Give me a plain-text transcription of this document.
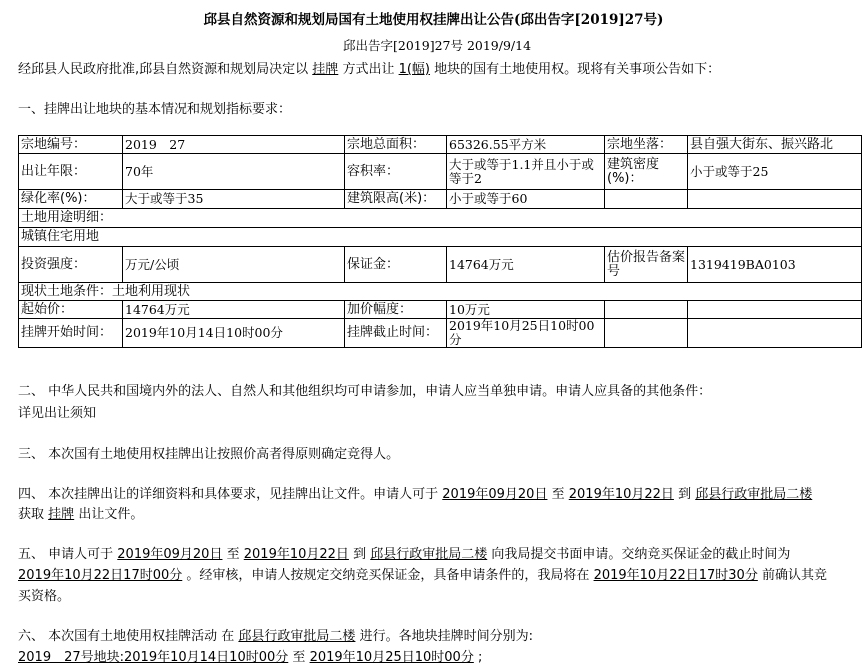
邱县自然资源和规划局国有土地使用权挂牌出让公告(邱出告字[2019]27号)
邱出告字[2019]27号 2019/9/14
经邱县人民政府批准,邱县自然资源和规划局决定以 挂牌 方式出让 1(幅) 地块的国有土地使用权。现将有关事项公告如下：
一、挂牌出让地块的基本情况和规划指标要求：
宗地编号：	2019　27	宗地总面积：	65326.55平方米	宗地坐落：	县自强大街东、振兴路北
出让年限：	70年	容积率：	大于或等于1.1并且小于或等于2	建筑密度(%)：	小于或等于25
绿化率(%)：	大于或等于35	建筑限高(米)：	小于或等于60		
土地用途明细：					
城镇住宅用地					
投资强度：	万元/公顷	保证金：	14764万元	估价报告备案号	1319419BA0103
现状土地条件：土地利用现状					
起始价：	14764万元	加价幅度：	10万元		
挂牌开始时间：	2019年10月14日10时00分	挂牌截止时间：	2019年10月25日10时00分		
二、 中华人民共和国境内外的法人、自然人和其他组织均可申请参加，申请人应当单独申请。申请人应具备的其他条件：
详见出让须知
三、 本次国有土地使用权挂牌出让按照价高者得原则确定竞得人。
四、 本次挂牌出让的详细资料和具体要求，见挂牌出让文件。申请人可于 2019年09月20日 至 2019年10月22日 到 邱县行政审批局二楼
获取 挂牌 出让文件。
五、 申请人可于 2019年09月20日 至 2019年10月22日 到 邱县行政审批局二楼 向我局提交书面申请。交纳竞买保证金的截止时间为
2019年10月22日17时00分 。经审核，申请人按规定交纳竞买保证金，具备申请条件的，我局将在 2019年10月22日17时30分 前确认其竞
买资格。
六、 本次国有土地使用权挂牌活动 在 邱县行政审批局二楼 进行。各地块挂牌时间分别为:
2019　27号地块:2019年10月14日10时00分 至 2019年10月25日10时00分 ;
